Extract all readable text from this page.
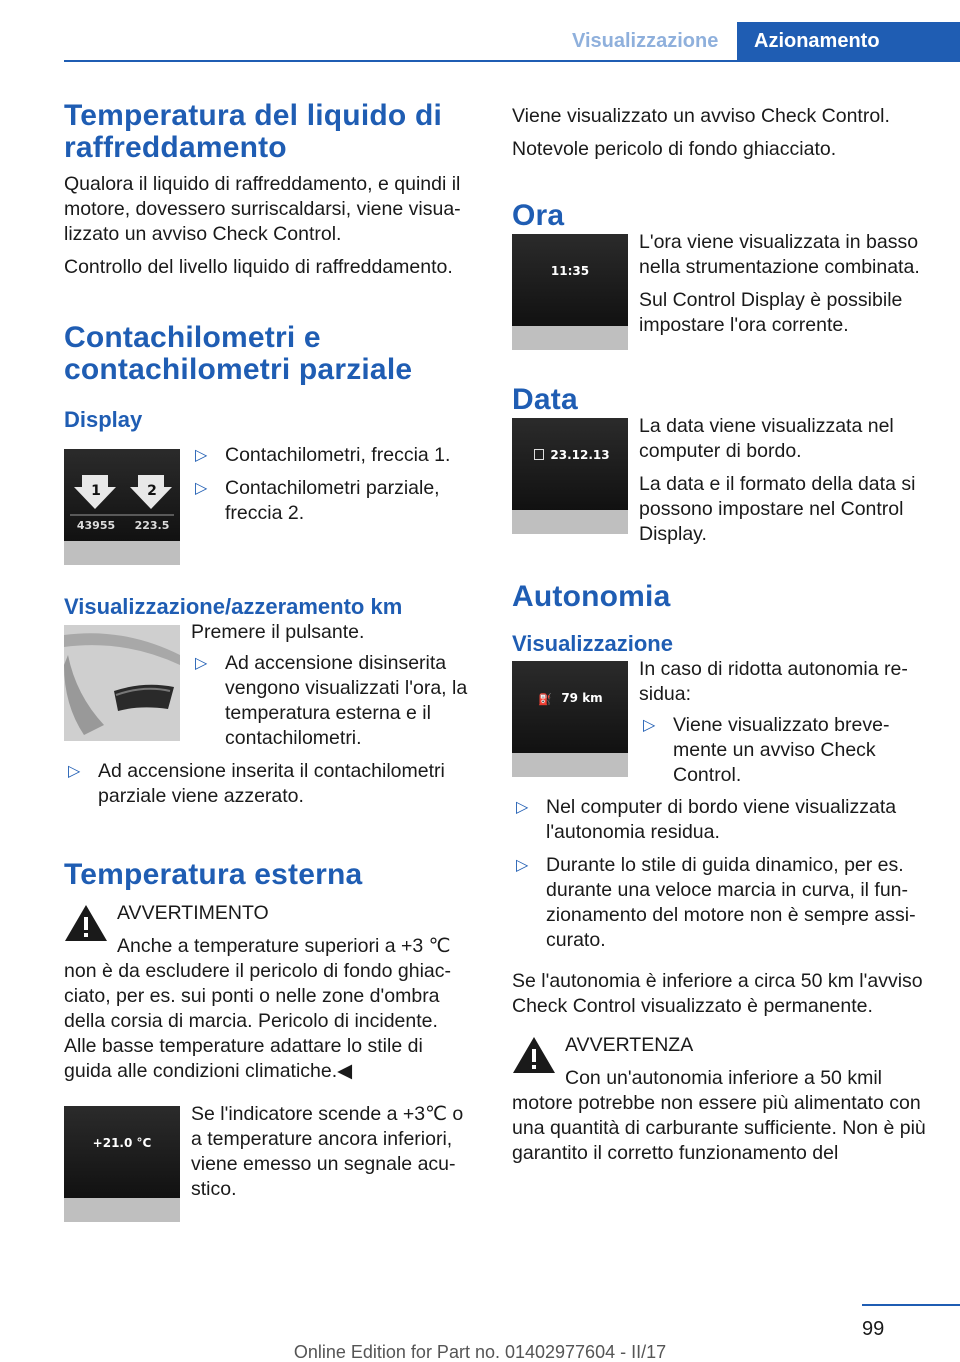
Visualizzazione	Azionamento
Temperatura del liquido di raffreddamento

Qualora il liquido di raffreddamento, e quindi il motore, dovessero surriscaldarsi, viene visualizzato un avviso Check Control.

Controllo del livello liquido di raffreddamento.

Contachilometri e contachilometri parziale
Display
1	2
43955	223.5
▷ Contachilometri, freccia 1.
▷ Contachilometri parziale, freccia 2.
Visualizzazione/azzeramento km

Premere il pulsante.

▷ Ad accensione disinserita vengono visualizzati l'ora, la temperatura esterna e il contachilometri.
▷ Ad accensione inserita il contachilometri parziale viene azzerato.
Temperatura esterna
AVVERTIMENTO

Anche a temperature superiori a +3 ℃

non è da escludere il pericolo di fondo ghiacciato, per es. sui ponti o nelle zone d'ombra della corsia di marcia. Pericolo di incidente. Alle basse temperature adattare lo stile di guida alle condizioni climatiche.◀

+21.0 °C

Se l'indicatore scende a +3℃ o a temperature ancora inferiori, viene emesso un segnale acustico.

Viene visualizzato un avviso Check Control.

Notevole pericolo di fondo ghiacciato.

Ora
11:35

L'ora viene visualizzata in basso nella strumentazione combinata.

Sul Control Display è possibile impostare l'ora corrente.

Data
23.12.13

La data viene visualizzata nel computer di bordo.

La data e il formato della data si possono impostare nel Control Display.

Autonomia
Visualizzazione
⛽ 79 km

In caso di ridotta autonomia residua:

▷ Viene visualizzato brevemente un avviso Check Control.
▷ Nel computer di bordo viene visualizzata l'autonomia residua.
▷ Durante lo stile di guida dinamico, per es. durante una veloce marcia in curva, il funzionamento del motore non è sempre assicurato.

Se l'autonomia è inferiore a circa 50 km l'avviso Check Control visualizzato è permanente.

AVVERTENZA

Con un'autonomia inferiore a 50 kmil

motore potrebbe non essere più alimentato con una quantità di carburante sufficiente. Non è più garantito il corretto funzionamento del

99
Online Edition for Part no. 01402977604 - II/17
